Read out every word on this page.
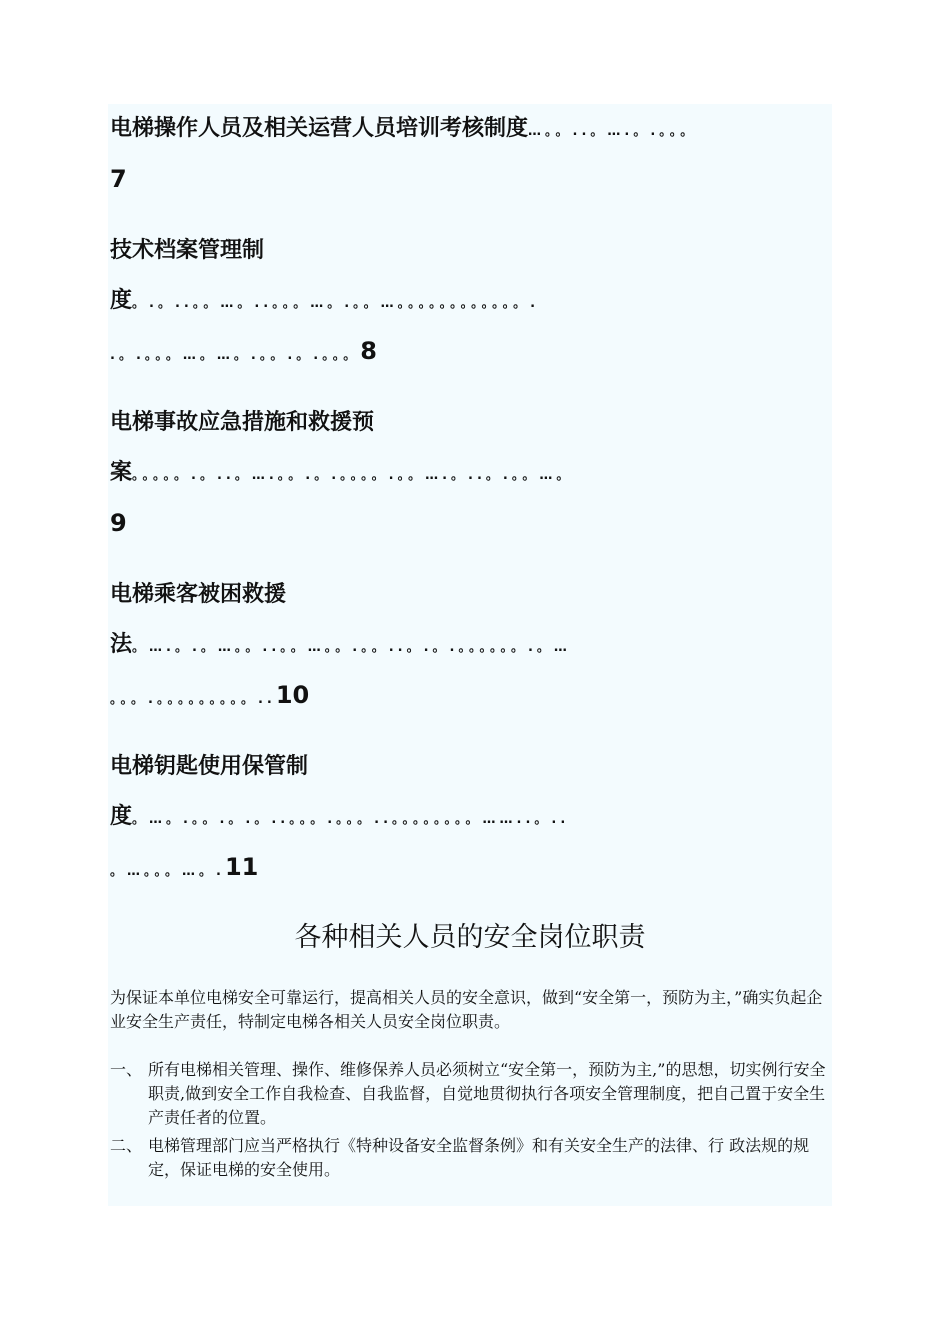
电梯操作人员及相关运营人员培训考核制度…。。..。….。.。。。
7
技术档案管理制
度。.。..。。…。..。。。…。.。。…。。。。。。。。。。。。.
.。.。。。…。…。.。。.。.。。。8
电梯事故应急措施和救援预
案。。。。。.。..。….。。.。.。。。。.。。….。..。.。。…。
9
电梯乘客被困救援
法。….。.。…。。..。。…。。.。。..。.。.。。。。。。.。…
。。。.。。。。。。。。。..10
电梯钥匙使用保管制
度。…。.。。.。.。..。。。.。。。..。。。。。。。。……..。..
。…。。。…。.11
各种相关人员的安全岗位职责
为保证本单位电梯安全可靠运行，提高相关人员的安全意识，做到“安全第一，预防为主，”确实负起企业安全生产责任，特制定电梯各相关人员安全岗位职责。
一、 所有电梯相关管理、操作、维修保养人员必须树立“安全第一，预防为主,”的思想，切实例行安全职责,做到安全工作自我检查、自我监督，自觉地贯彻执行各项安全管理制度，把自己置于安全生产责任者的位置。
二、 电梯管理部门应当严格执行《特种设备安全监督条例》和有关安全生产的法律、行 政法规的规定，保证电梯的安全使用。
